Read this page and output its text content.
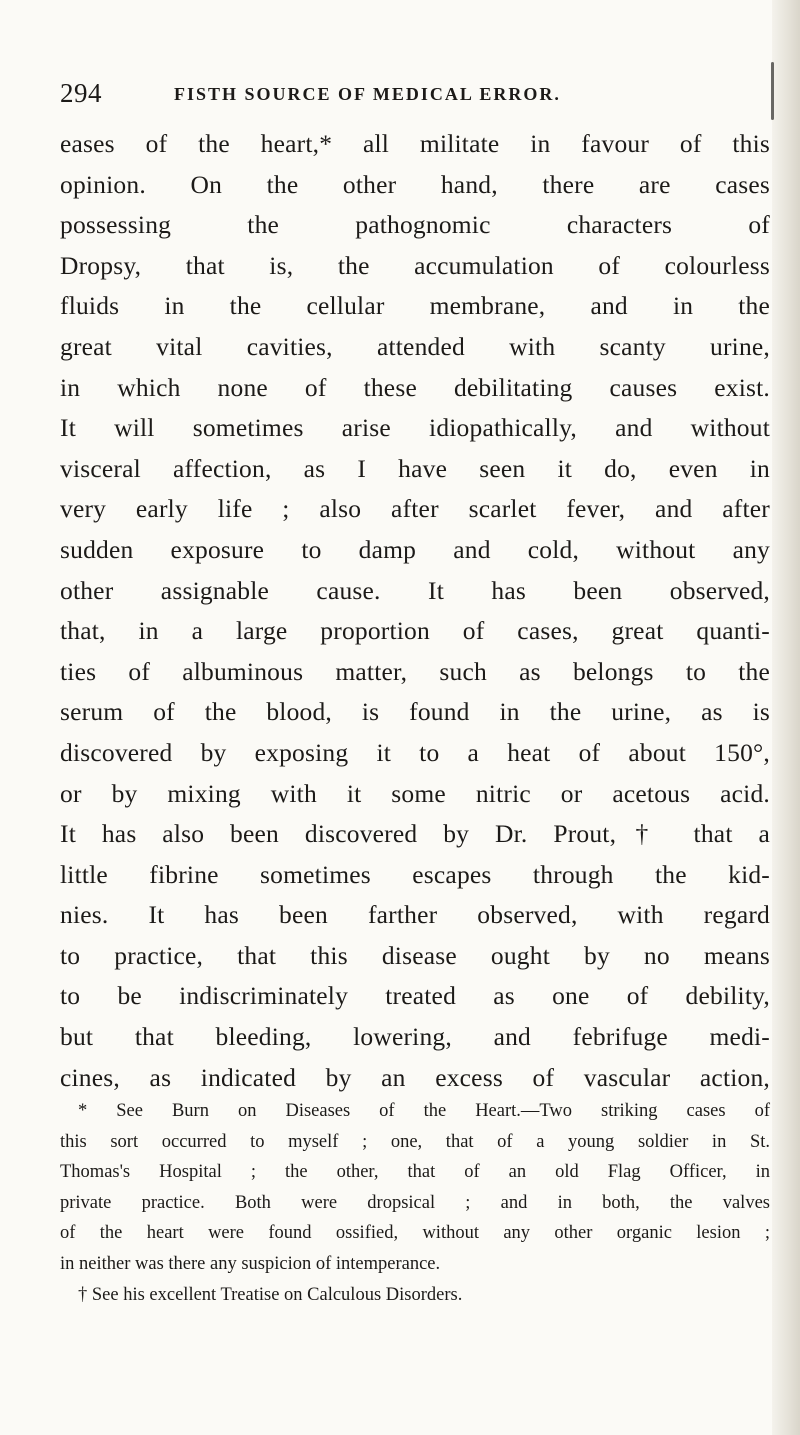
294	FISTH SOURCE OF MEDICAL ERROR.
eases of the heart,* all militate in favour of this
opinion. On the other hand, there are cases
possessing the pathognomic characters of
Dropsy, that is, the accumulation of colourless
fluids in the cellular membrane, and in the
great vital cavities, attended with scanty urine,
in which none of these debilitating causes exist.
It will sometimes arise idiopathically, and without
visceral affection, as I have seen it do, even in
very early life ; also after scarlet fever, and after
sudden exposure to damp and cold, without any
other assignable cause. It has been observed,
that, in a large proportion of cases, great quanti-
ties of albuminous matter, such as belongs to the
serum of the blood, is found in the urine, as is
discovered by exposing it to a heat of about 150°,
or by mixing with it some nitric or acetous acid.
It has also been discovered by Dr. Prout,† that a
little fibrine sometimes escapes through the kid-
nies. It has been farther observed, with regard
to practice, that this disease ought by no means
to be indiscriminately treated as one of debility,
but that bleeding, lowering, and febrifuge medi-
cines, as indicated by an excess of vascular action,
* See Burn on Diseases of the Heart.—Two striking cases of
this sort occurred to myself ; one, that of a young soldier in St.
Thomas's Hospital ; the other, that of an old Flag Officer, in
private practice. Both were dropsical ; and in both, the valves
of the heart were found ossified, without any other organic lesion ;
in neither was there any suspicion of intemperance.
† See his excellent Treatise on Calculous Disorders.
